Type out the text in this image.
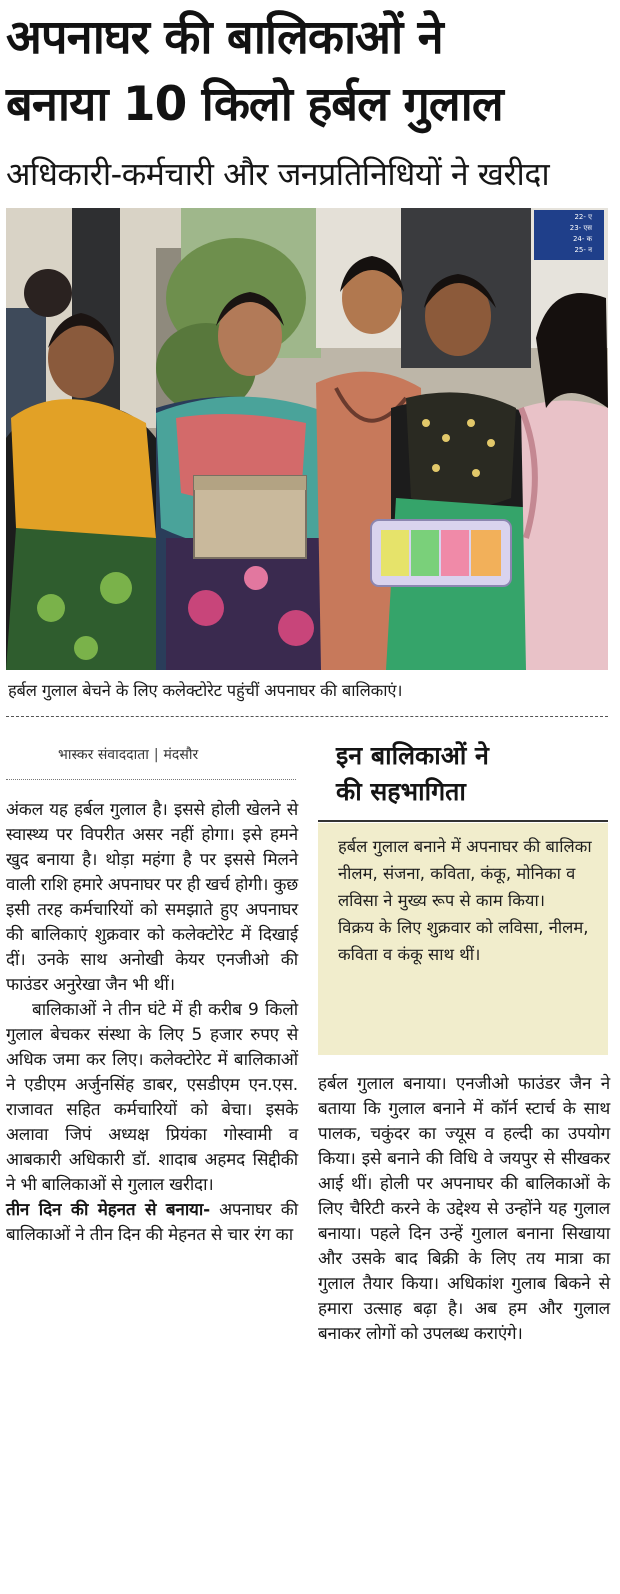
अपनाघर की बालिकाओं ने
बनाया 10 किलो हर्बल गुलाल
अधिकारी-कर्मचारी और जनप्रतिनिधियों ने खरीदा
22- ए
23- एस
24- क
25- न
हर्बल गुलाल बेचने के लिए कलेक्टोरेट पहुंचीं अपनाघर की बालिकाएं।
भास्कर संवाददाता | मंदसौर

अंकल यह हर्बल गुलाल है। इससे होली खेलने से स्वास्थ्य पर विपरीत असर नहीं होगा। इसे हमने खुद बनाया है। थोड़ा महंगा है पर इससे मिलने वाली राशि हमारे अपनाघर पर ही खर्च होगी। कुछ इसी तरह कर्मचारियों को समझाते हुए अपनाघर की बालिकाएं शुक्रवार को कलेक्टोरेट में दिखाई दीं। उनके साथ अनोखी केयर एनजीओ की फाउंडर अनुरेखा जैन भी थीं।

बालिकाओं ने तीन घंटे में ही करीब 9 किलो गुलाल बेचकर संस्था के लिए 5 हजार रुपए से अधिक जमा कर लिए। कलेक्टोरेट में बालिकाओं ने एडीएम अर्जुनसिंह डाबर, एसडीएम एन.एस. राजावत सहित कर्मचारियों को बेचा। इसके अलावा जिपं अध्यक्ष प्रियंका गोस्वामी व आबकारी अधिकारी डॉ. शादाब अहमद सिद्दीकी ने भी बालिकाओं से गुलाल खरीदा।

तीन दिन की मेहनत से बनाया- अपनाघर की बालिकाओं ने तीन दिन की मेहनत से चार रंग का

इन बालिकाओं ने
की सहभागिता

हर्बल गुलाल बनाने में अपनाघर की बालिका नीलम, संजना, कविता, कंकू, मोनिका व लविसा ने मुख्य रूप से काम किया।

विक्रय के लिए शुक्रवार को लविसा, नीलम, कविता व कंकू साथ थीं।

हर्बल गुलाल बनाया। एनजीओ फाउंडर जैन ने बताया कि गुलाल बनाने में कॉर्न स्टार्च के साथ पालक, चकुंदर का ज्यूस व हल्दी का उपयोग किया। इसे बनाने की विधि वे जयपुर से सीखकर आई थीं। होली पर अपनाघर की बालिकाओं के लिए चैरिटी करने के उद्देश्य से उन्होंने यह गुलाल बनाया। पहले दिन उन्हें गुलाल बनाना सिखाया और उसके बाद बिक्री के लिए तय मात्रा का गुलाल तैयार किया। अधिकांश गुलाब बिकने से हमारा उत्साह बढ़ा है। अब हम और गुलाल बनाकर लोगों को उपलब्ध कराएंगे।
